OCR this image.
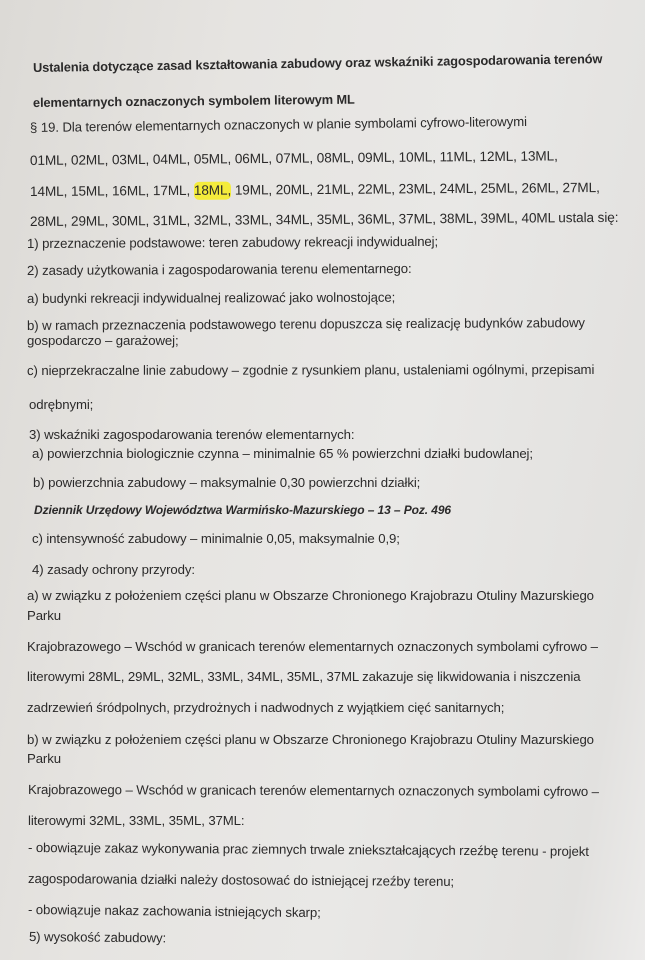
Ustalenia dotyczące zasad kształtowania zabudowy oraz wskaźniki zagospodarowania terenów
elementarnych oznaczonych symbolem literowym ML
§ 19. Dla terenów elementarnych oznaczonych w planie symbolami cyfrowo-literowymi
01ML, 02ML, 03ML, 04ML, 05ML, 06ML, 07ML, 08ML, 09ML, 10ML, 11ML, 12ML, 13ML,
14ML, 15ML, 16ML, 17ML, 18ML, 19ML, 20ML, 21ML, 22ML, 23ML, 24ML, 25ML, 26ML, 27ML,
28ML, 29ML, 30ML, 31ML, 32ML, 33ML, 34ML, 35ML, 36ML, 37ML, 38ML, 39ML, 40ML ustala się:
1) przeznaczenie podstawowe: teren zabudowy rekreacji indywidualnej;
2) zasady użytkowania i zagospodarowania terenu elementarnego:
a) budynki rekreacji indywidualnej realizować jako wolnostojące;
b) w ramach przeznaczenia podstawowego terenu dopuszcza się realizację budynków zabudowy
gospodarczo – garażowej;
c) nieprzekraczalne linie zabudowy – zgodnie z rysunkiem planu, ustaleniami ogólnymi, przepisami
odrębnymi;
3) wskaźniki zagospodarowania terenów elementarnych:
a) powierzchnia biologicznie czynna – minimalnie 65 % powierzchni działki budowlanej;
b) powierzchnia zabudowy – maksymalnie 0,30 powierzchni działki;
Dziennik Urzędowy Województwa Warmińsko-Mazurskiego – 13 – Poz. 496
c) intensywność zabudowy – minimalnie 0,05, maksymalnie 0,9;
4) zasady ochrony przyrody:
a) w związku z położeniem części planu w Obszarze Chronionego Krajobrazu Otuliny Mazurskiego
Parku
Krajobrazowego – Wschód w granicach terenów elementarnych oznaczonych symbolami cyfrowo –
literowymi 28ML, 29ML, 32ML, 33ML, 34ML, 35ML, 37ML zakazuje się likwidowania i niszczenia
zadrzewień śródpolnych, przydrożnych i nadwodnych z wyjątkiem cięć sanitarnych;
b) w związku z położeniem części planu w Obszarze Chronionego Krajobrazu Otuliny Mazurskiego
Parku
Krajobrazowego – Wschód w granicach terenów elementarnych oznaczonych symbolami cyfrowo –
literowymi 32ML, 33ML, 35ML, 37ML:
- obowiązuje zakaz wykonywania prac ziemnych trwale zniekształcających rzeźbę terenu - projekt
zagospodarowania działki należy dostosować do istniejącej rzeźby terenu;
- obowiązuje nakaz zachowania istniejących skarp;
5) wysokość zabudowy:
